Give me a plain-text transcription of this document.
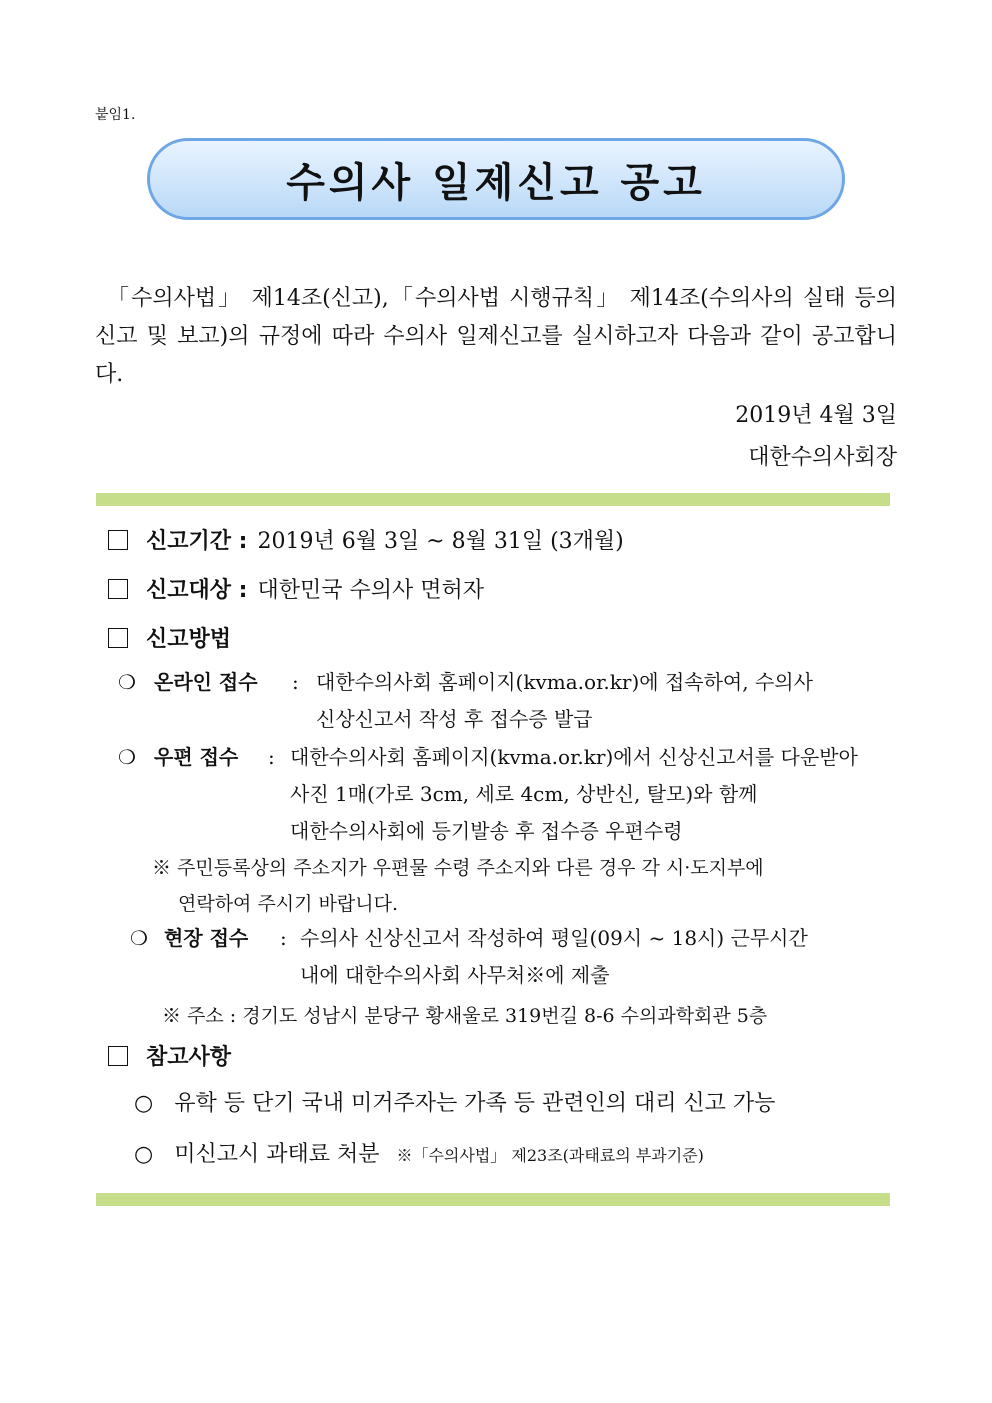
붙임1.
수의사 일제신고 공고
「수의사법」 제14조(신고),「수의사법 시행규칙」 제14조(수의사의 실태 등의 신고 및 보고)의 규정에 따라 수의사 일제신고를 실시하고자 다음과 같이 공고합니다.
2019년 4월 3일
대한수의사회장
신고기간 : 2019년 6월 3일 ~ 8월 31일 (3개월)
신고대상 : 대한민국 수의사 면허자
신고방법
❍ 온라인 접수 : 대한수의사회 홈페이지(kvma.or.kr)에 접속하여, 수의사
신상신고서 작성 후 접수증 발급
❍ 우편 접수 : 대한수의사회 홈페이지(kvma.or.kr)에서 신상신고서를 다운받아
사진 1매(가로 3cm, 세로 4cm, 상반신, 탈모)와 함께
대한수의사회에 등기발송 후 접수증 우편수령
※ 주민등록상의 주소지가 우편물 수령 주소지와 다른 경우 각 시·도지부에
연락하여 주시기 바랍니다.
❍ 현장 접수 : 수의사 신상신고서 작성하여 평일(09시 ~ 18시) 근무시간
내에 대한수의사회 사무처※에 제출
※ 주소 : 경기도 성남시 분당구 황새울로 319번길 8-6 수의과학회관 5층
참고사항
○ 유학 등 단기 국내 미거주자는 가족 등 관련인의 대리 신고 가능
○ 미신고시 과태료 처분 ※「수의사법」 제23조(과태료의 부과기준)
